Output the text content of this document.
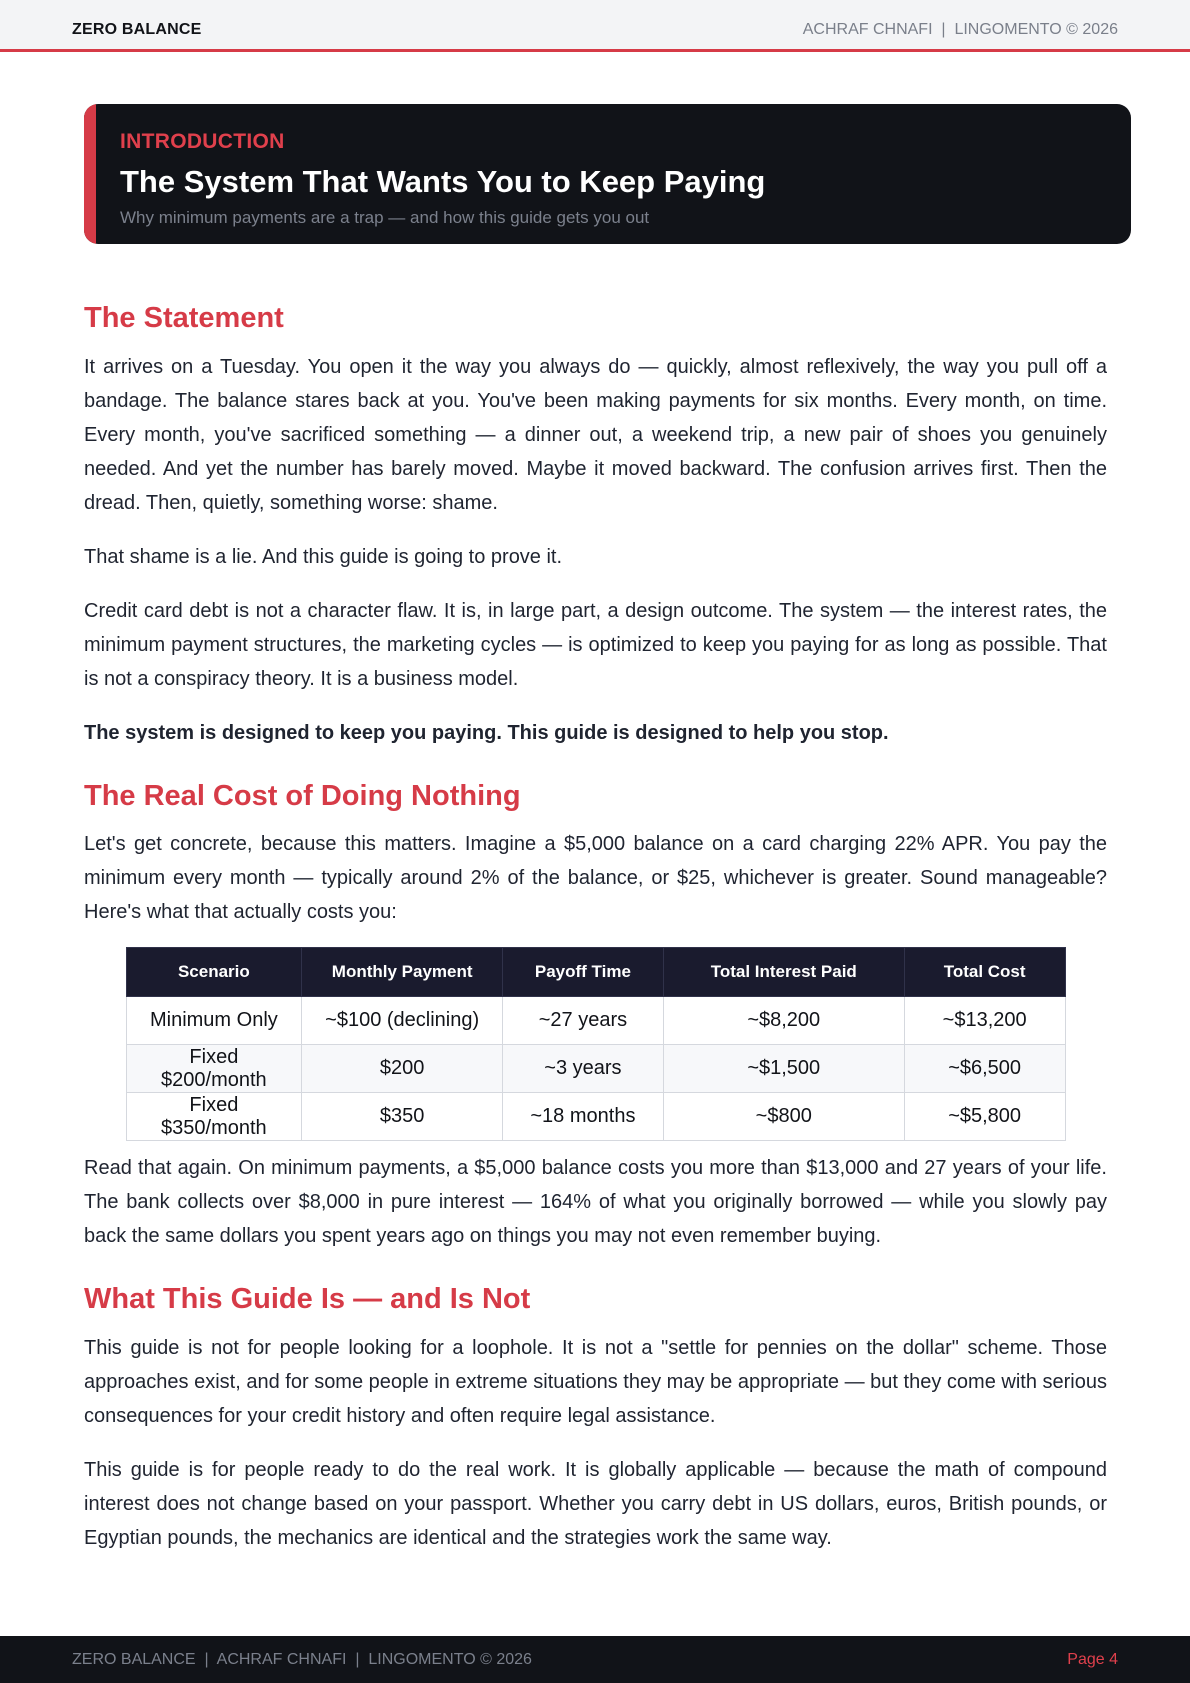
ZERO BALANCE	ACHRAF CHNAFI  |  LINGOMENTO © 2026
INTRODUCTION
The System That Wants You to Keep Paying
Why minimum payments are a trap — and how this guide gets you out
The Statement

It arrives on a Tuesday. You open it the way you always do — quickly, almost reflexively, the way you pull off a bandage. The balance stares back at you. You've been making payments for six months. Every month, on time. Every month, you've sacrificed something — a dinner out, a weekend trip, a new pair of shoes you genuinely needed. And yet the number has barely moved. Maybe it moved backward. The confusion arrives first. Then the dread. Then, quietly, something worse: shame.

That shame is a lie. And this guide is going to prove it.

Credit card debt is not a character flaw. It is, in large part, a design outcome. The system — the interest rates, the minimum payment structures, the marketing cycles — is optimized to keep you paying for as long as possible. That is not a conspiracy theory. It is a business model.

The system is designed to keep you paying. This guide is designed to help you stop.

The Real Cost of Doing Nothing

Let's get concrete, because this matters. Imagine a $5,000 balance on a card charging 22% APR. You pay the minimum every month — typically around 2% of the balance, or $25, whichever is greater. Sound manageable? Here's what that actually costs you:

Scenario	Monthly Payment	Payoff Time	Total Interest Paid	Total Cost
Minimum Only	~$100 (declining)	~27 years	~$8,200	~$13,200
Fixed $200/month	$200	~3 years	~$1,500	~$6,500
Fixed $350/month	$350	~18 months	~$800	~$5,800

Read that again. On minimum payments, a $5,000 balance costs you more than $13,000 and 27 years of your life. The bank collects over $8,000 in pure interest — 164% of what you originally borrowed — while you slowly pay back the same dollars you spent years ago on things you may not even remember buying.

What This Guide Is — and Is Not

This guide is not for people looking for a loophole. It is not a "settle for pennies on the dollar" scheme. Those approaches exist, and for some people in extreme situations they may be appropriate — but they come with serious consequences for your credit history and often require legal assistance.

This guide is for people ready to do the real work. It is globally applicable — because the math of compound interest does not change based on your passport. Whether you carry debt in US dollars, euros, British pounds, or Egyptian pounds, the mechanics are identical and the strategies work the same way.

ZERO BALANCE  |  ACHRAF CHNAFI  |  LINGOMENTO © 2026	Page 4
